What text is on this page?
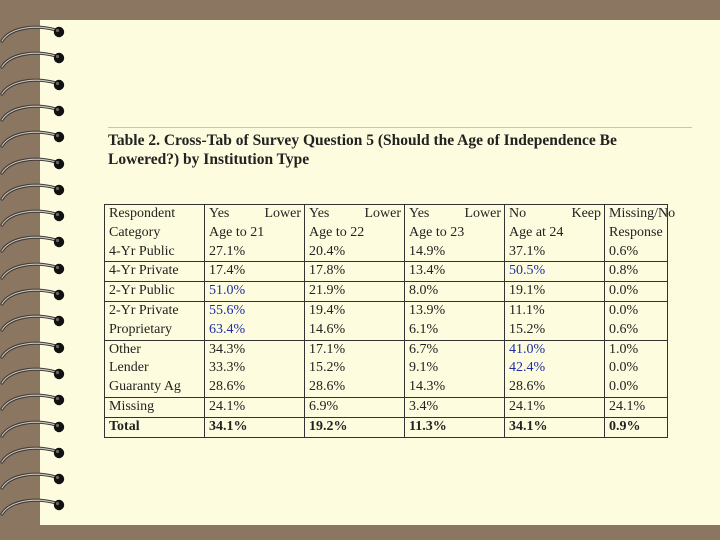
Table 2. Cross-Tab of Survey Question 5 (Should the Age of Independence Be Lowered?) by Institution Type
Respondent	Yes Lower	Yes Lower	Yes Lower	No Keep	Missing/No
Category	Age to 21	Age to 22	Age to 23	Age at 24	Response
4-Yr Public	27.1%	20.4%	14.9%	37.1%	0.6%
4-Yr Private	17.4%	17.8%	13.4%	50.5%	0.8%
2-Yr Public	51.0%	21.9%	8.0%	19.1%	0.0%
2-Yr Private	55.6%	19.4%	13.9%	11.1%	0.0%
Proprietary	63.4%	14.6%	6.1%	15.2%	0.6%
Other	34.3%	17.1%	6.7%	41.0%	1.0%
Lender	33.3%	15.2%	9.1%	42.4%	0.0%
Guaranty Ag	28.6%	28.6%	14.3%	28.6%	0.0%
Missing	24.1%	6.9%	3.4%	24.1%	24.1%
Total	34.1%	19.2%	11.3%	34.1%	0.9%
